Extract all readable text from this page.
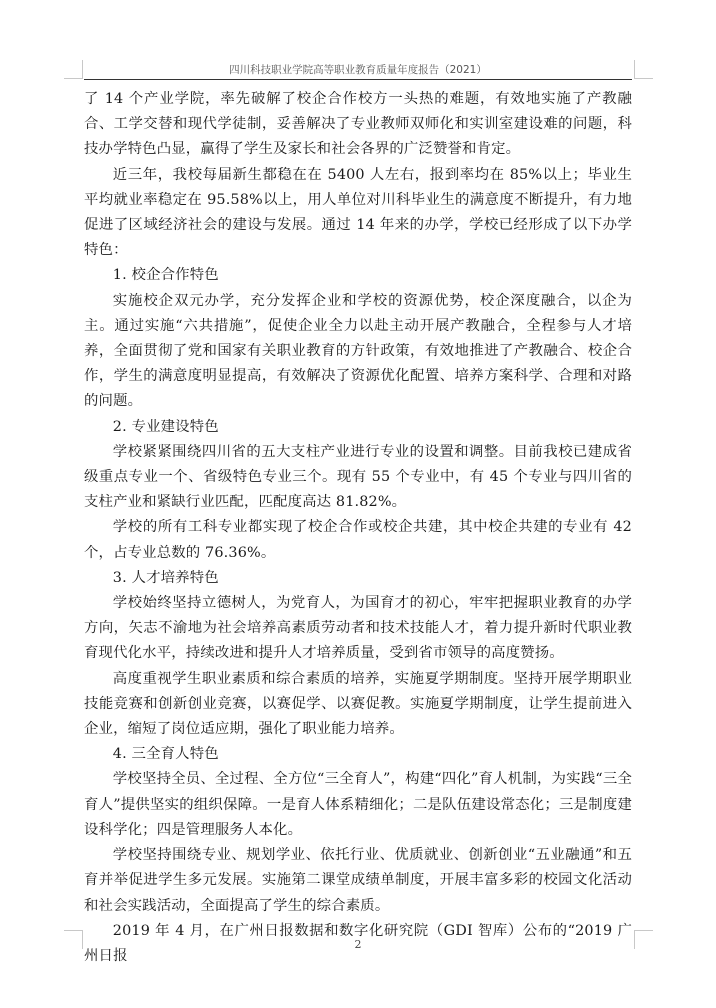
四川科技职业学院高等职业教育质量年度报告（2021）

了 14 个产业学院，率先破解了校企合作校方一头热的难题，有效地实施了产教融合、工学交替和现代学徒制，妥善解决了专业教师双师化和实训室建设难的问题，科技办学特色凸显，赢得了学生及家长和社会各界的广泛赞誉和肯定。

近三年，我校每届新生都稳在在 5400 人左右，报到率均在 85%以上；毕业生平均就业率稳定在 95.58%以上，用人单位对川科毕业生的满意度不断提升，有力地促进了区域经济社会的建设与发展。通过 14 年来的办学，学校已经形成了以下办学特色：

1. 校企合作特色

实施校企双元办学，充分发挥企业和学校的资源优势，校企深度融合，以企为主。通过实施“六共措施”，促使企业全力以赴主动开展产教融合，全程参与人才培养，全面贯彻了党和国家有关职业教育的方针政策，有效地推进了产教融合、校企合作，学生的满意度明显提高，有效解决了资源优化配置、培养方案科学、合理和对路的问题。

2. 专业建设特色

学校紧紧围绕四川省的五大支柱产业进行专业的设置和调整。目前我校已建成省级重点专业一个、省级特色专业三个。现有 55 个专业中，有 45 个专业与四川省的支柱产业和紧缺行业匹配，匹配度高达 81.82%。

学校的所有工科专业都实现了校企合作或校企共建，其中校企共建的专业有 42 个，占专业总数的 76.36%。

3. 人才培养特色

学校始终坚持立德树人，为党育人，为国育才的初心，牢牢把握职业教育的办学方向，矢志不渝地为社会培养高素质劳动者和技术技能人才，着力提升新时代职业教育现代化水平，持续改进和提升人才培养质量，受到省市领导的高度赞扬。

高度重视学生职业素质和综合素质的培养，实施夏学期制度。坚持开展学期职业技能竞赛和创新创业竞赛，以赛促学、以赛促教。实施夏学期制度，让学生提前进入企业，缩短了岗位适应期，强化了职业能力培养。

4. 三全育人特色

学校坚持全员、全过程、全方位“三全育人”，构建“四化”育人机制，为实践“三全育人”提供坚实的组织保障。一是育人体系精细化；二是队伍建设常态化；三是制度建设科学化；四是管理服务人本化。

学校坚持围绕专业、规划学业、依托行业、优质就业、创新创业“五业融通”和五育并举促进学生多元发展。实施第二课堂成绩单制度，开展丰富多彩的校园文化活动和社会实践活动，全面提高了学生的综合素质。

2019 年 4 月，在广州日报数据和数字化研究院（GDI 智库）公布的“2019 广州日报

2
